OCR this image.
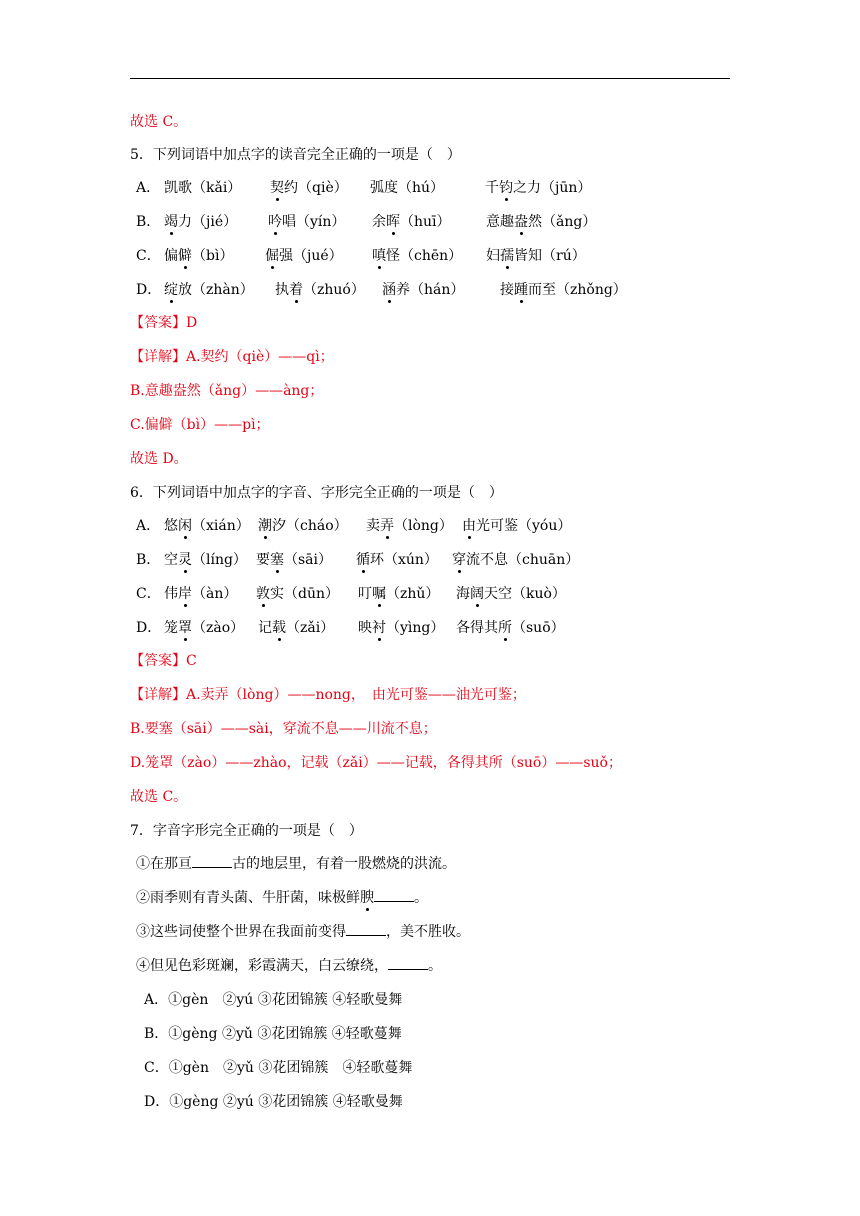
故选 C。
5．下列词语中加点字的读音完全正确的一项是（　）
A． 凯歌（kǎi） 契约（qiè） 弧度（hú）	千钧之力（jūn）
B． 竭力（jié） 吟唱（yín） 余晖（huī）	意趣盎然（ǎng）
C． 偏僻（bì） 倔强（jué） 嗔怪（chēn） 妇孺皆知（rú）
D． 绽放（zhàn） 执着（zhuó） 涵养（hán）	接踵而至（zhǒng）
【答案】D
【详解】A.契约（qiè）——qì；
B.意趣盎然（ǎng）——àng；
C.偏僻（bì）——pì；
故选 D。
6．下列词语中加点字的字音、字形完全正确的一项是（　）
A． 悠闲（xián） 潮汐（cháo） 卖弄（lòng） 由光可鉴（yóu）
B． 空灵（líng） 要塞（sāi） 循环（xún） 穿流不息（chuān）
C． 伟岸（àn） 敦实（dūn） 叮嘱（zhǔ） 海阔天空（kuò）
D． 笼罩（zào） 记载（zǎi） 映衬（yìng） 各得其所（suō）
【答案】C
【详解】A.卖弄（lòng）——nong，　由光可鉴——油光可鉴；
B.要塞（sāi）——sài，穿流不息——川流不息；
D.笼罩（zào）——zhào，记载（zǎi）——记载，各得其所（suō）——suǒ；
故选 C。
7．字音字形完全正确的一项是（　）
①在那亘	古的地层里，有着一股燃烧的洪流。
②雨季则有青头菌、牛肝菌，味极鲜腴	。
③这些词使整个世界在我面前变得	，美不胜收。
④但见色彩斑斓，彩霞满天，白云缭绕，	。
A．①gèn　②yú ③花团锦簇 ④轻歌曼舞
B．①gèng ②yǔ ③花团锦簇 ④轻歌蔓舞
C．①gèn　②yǔ ③花团锦簇　④轻歌蔓舞
D．①gèng ②yú ③花团锦簇 ④轻歌曼舞
